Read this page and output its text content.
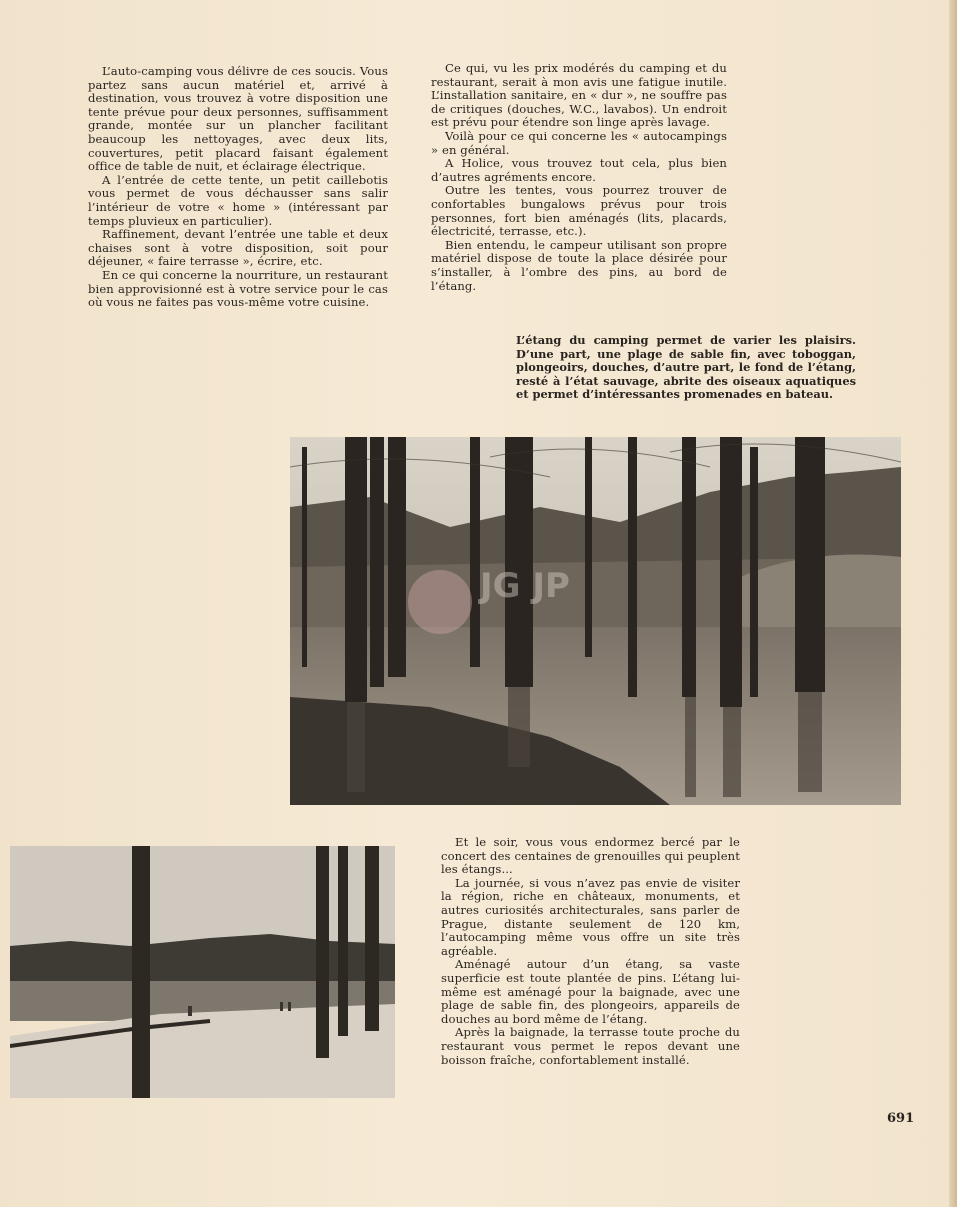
L’auto-camping vous délivre de ces soucis. Vous partez sans aucun matériel et, arrivé à destination, vous trouvez à votre disposition une tente prévue pour deux personnes, suffisamment grande, montée sur un plancher facilitant beaucoup les nettoyages, avec deux lits, couvertures, petit placard faisant également office de table de nuit, et éclairage électrique.

A l’entrée de cette tente, un petit caillebotis vous permet de vous déchausser sans salir l’intérieur de votre « home » (intéressant par temps pluvieux en particulier).

Raffinement, devant l’entrée une table et deux chaises sont à votre disposition, soit pour déjeuner, « faire terrasse », écrire, etc.

En ce qui concerne la nourriture, un restaurant bien approvisionné est à votre service pour le cas où vous ne faites pas vous-même votre cuisine.

Ce qui, vu les prix modérés du camping et du restaurant, serait à mon avis une fatigue inutile. L’installation sanitaire, en « dur », ne souffre pas de critiques (douches, W.C., lavabos). Un endroit est prévu pour étendre son linge après lavage.

Voilà pour ce qui concerne les « autocampings » en général.

A Holice, vous trouvez tout cela, plus bien d’autres agréments encore.

Outre les tentes, vous pourrez trouver de confortables bungalows prévus pour trois personnes, fort bien aménagés (lits, placards, électricité, terrasse, etc.).

Bien entendu, le campeur utilisant son propre matériel dispose de toute la place désirée pour s’installer, à l’ombre des pins, au bord de l’étang.

L’étang du camping permet de varier les plaisirs. D’une part, une plage de sable fin, avec toboggan, plongeoirs, douches, d’autre part, le fond de l’étang, resté à l’état sauvage, abrite des oiseaux aquatiques et permet d’intéressantes promenades en bateau.

JG JP

Et le soir, vous vous endormez bercé par le concert des centaines de grenouilles qui peuplent les étangs...

La journée, si vous n’avez pas envie de visiter la région, riche en châteaux, monuments, et autres curiosités architecturales, sans parler de Prague, distante seulement de 120 km, l’autocamping même vous offre un site très agréable.

Aménagé autour d’un étang, sa vaste superficie est toute plantée de pins. L’étang lui-même est aménagé pour la baignade, avec une plage de sable fin, des plongeoirs, appareils de douches au bord même de l’étang.

Après la baignade, la terrasse toute proche du restaurant vous permet le repos devant une boisson fraîche, confortablement installé.

691
